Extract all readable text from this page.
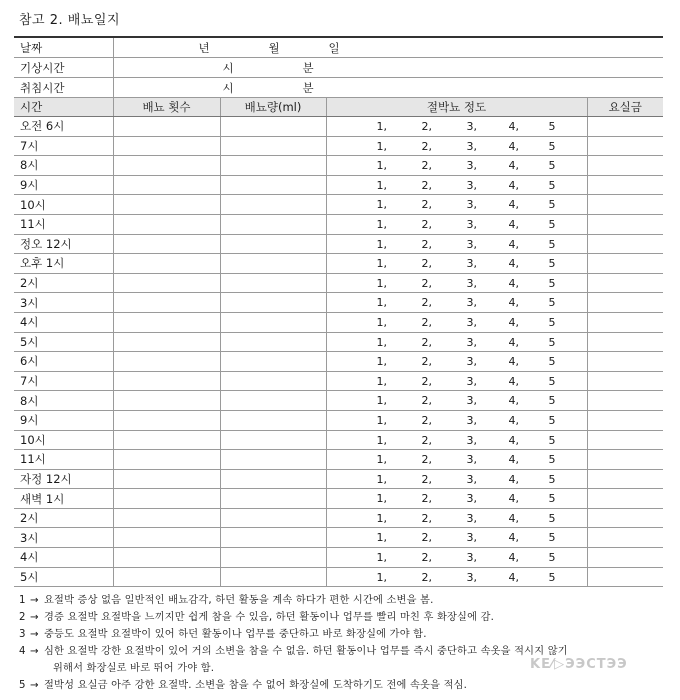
참고 2. 배뇨일지
날짜	년 월 일			

기상시간	시 분			

취침시간	시 분			

시간	배뇨 횟수	배뇨량(ml)	절박뇨 정도	요실금
오전 6시			1, 2, 3, 4, 5	

7시			1, 2, 3, 4, 5	

8시			1, 2, 3, 4, 5	

9시			1, 2, 3, 4, 5	

10시			1, 2, 3, 4, 5	

11시			1, 2, 3, 4, 5	

정오 12시			1, 2, 3, 4, 5	

오후 1시			1, 2, 3, 4, 5	

2시			1, 2, 3, 4, 5	

3시			1, 2, 3, 4, 5	

4시			1, 2, 3, 4, 5	

5시			1, 2, 3, 4, 5	

6시			1, 2, 3, 4, 5	

7시			1, 2, 3, 4, 5	

8시			1, 2, 3, 4, 5	

9시			1, 2, 3, 4, 5	

10시			1, 2, 3, 4, 5	

11시			1, 2, 3, 4, 5	

자정 12시			1, 2, 3, 4, 5	

새벽 1시			1, 2, 3, 4, 5	

2시			1, 2, 3, 4, 5	

3시			1, 2, 3, 4, 5	

4시			1, 2, 3, 4, 5	

5시			1, 2, 3, 4, 5	

1 → 요절박 증상 없음 일반적인 배뇨감각, 하던 활동을 계속 하다가 편한 시간에 소변을 봄.
2 → 경증 요절박 요절박을 느끼지만 쉽게 참을 수 있음, 하던 활동이나 업무를 빨리 마친 후 화장실에 감.
3 → 중등도 요절박 요절박이 있어 하던 활동이나 업무를 중단하고 바로 화장실에 가야 함.
4 → 심한 요절박 강한 요절박이 있어 거의 소변을 참을 수 없음. 하던 활동이나 업무를 즉시 중단하고 속옷을 적시지 않기
위해서 화장실로 바로 뛰어 가야 함.
5 → 절박성 요실금 아주 강한 요절박. 소변을 참을 수 없어 화장실에 도착하기도 전에 속옷을 적심.
KE⁄▷ЭЭСТЭЭ
